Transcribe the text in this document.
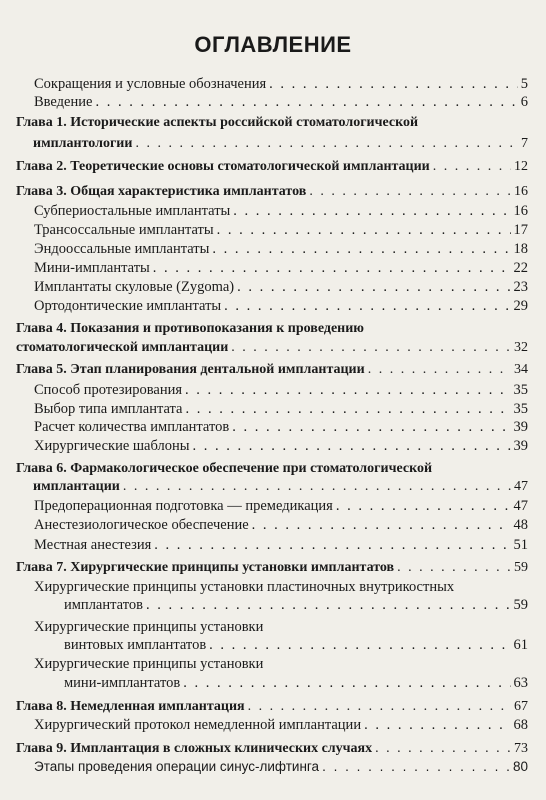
ОГЛАВЛЕНИЕ
Сокращения и условные обозначения . . .	5
Введение . . .	6
Глава 1. Исторические аспекты российской стоматологической
имплантологии . . .	7
Глава 2. Теоретические основы стоматологической имплантации . . .	12
Глава 3. Общая характеристика имплантатов . . .	16
Субпериостальные имплантаты . . .	16
Трансоссальные имплантаты . . .	17
Эндооссальные имплантаты . . .	18
Мини-имплантаты . . .	22
Имплантаты скуловые (Zygoma) . . .	23
Ортодонтические имплантаты . . .	29
Глава 4. Показания и противопоказания к проведению
стоматологической имплантации . . .	32
Глава 5. Этап планирования дентальной имплантации . . .	34
Способ протезирования . . .	35
Выбор типа имплантата . . .	35
Расчет количества имплантатов . . .	39
Хирургические шаблоны . . .	39
Глава 6. Фармакологическое обеспечение при стоматологической
имплантации . . .	47
Предоперационная подготовка — премедикация . . .	47
Анестезиологическое обеспечение . . .	48
Местная анестезия . . .	51
Глава 7. Хирургические принципы установки имплантатов . . .	59
Хирургические принципы установки пластиночных внутрикостных
имплантатов . . .	59
Хирургические принципы установки
винтовых имплантатов . . .	61
Хирургические принципы установки
мини-имплантатов . . .	63
Глава 8. Немедленная имплантация . . .	67
Хирургический протокол немедленной имплантации . . .	68
Глава 9. Имплантация в сложных клинических случаях . . .	73
Этапы проведения операции синус-лифтинга . . .	80
